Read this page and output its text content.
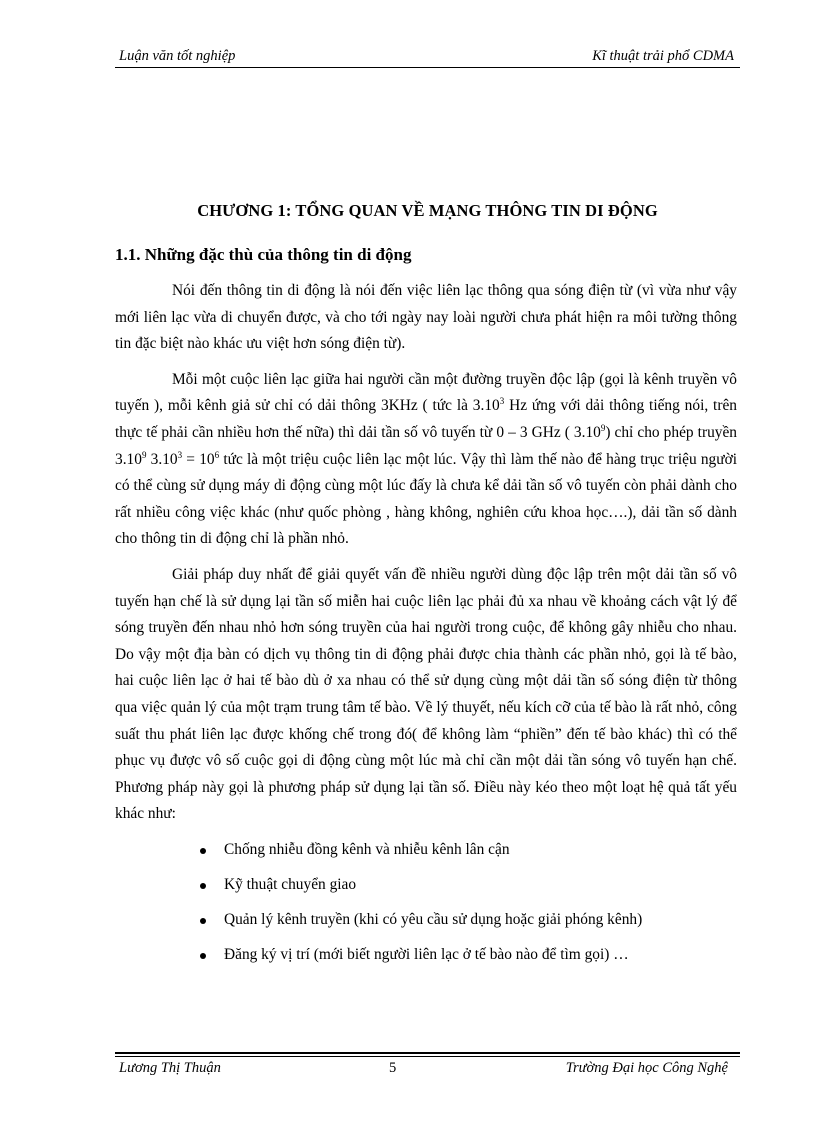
Luận văn tốt nghiệp	Kĩ thuật trải phổ CDMA
CHƯƠNG 1: TỔNG QUAN VỀ MẠNG THÔNG TIN DI ĐỘNG
1.1. Những đặc thù của thông tin di động

Nói đến thông tin di động là nói đến việc liên lạc thông qua sóng điện từ (vì vừa như vậy mới liên lạc vừa di chuyển được, và cho tới ngày nay loài người chưa phát hiện ra môi tường thông tin đặc biệt nào khác ưu việt hơn sóng điện từ).

Mỗi một cuộc liên lạc giữa hai người cần một đường truyền độc lập (gọi là kênh truyền vô tuyến ), mỗi kênh giả sử chỉ có dải thông 3KHz ( tức là 3.10$^3$ Hz ứng với dải thông tiếng nói, trên thực tế phải cần nhiều hơn thế nữa) thì dải tần số vô tuyến từ 0 – 3 GHz ( 3.10$^9$) chỉ cho phép truyền 3.10$^9$ $3.10^3 = 10^6$ tức là một triệu cuộc liên lạc một lúc. Vậy thì làm thế nào để hàng trục triệu người có thể cùng sử dụng máy di động cùng một lúc đấy là chưa kể dải tần số vô tuyến còn phải dành cho rất nhiều công việc khác (như quốc phòng , hàng không, nghiên cứu khoa học….), dải tần số dành cho thông tin di động chỉ là phần nhỏ.

Giải pháp duy nhất để giải quyết vấn đề nhiều người dùng độc lập trên một dải tần số vô tuyến hạn chế là sử dụng lại tần số miễn hai cuộc liên lạc phải đủ xa nhau về khoảng cách vật lý để sóng truyền đến nhau nhỏ hơn sóng truyền của hai người trong cuộc, để không gây nhiễu cho nhau. Do vậy một địa bàn có dịch vụ thông tin di động phải được chia thành các phần nhỏ, gọi là tế bào, hai cuộc liên lạc ở hai tế bào dù ở xa nhau có thể sử dụng cùng một dải tần số sóng điện từ thông qua việc quản lý của một trạm trung tâm tế bào. Về lý thuyết, nếu kích cỡ của tế bào là rất nhỏ, công suất thu phát liên lạc được khống chế trong đó( để không làm “phiền” đến tế bào khác) thì có thể phục vụ được vô số cuộc gọi di động cùng một lúc mà chỉ cần một dải tần sóng vô tuyến hạn chế. Phương pháp này gọi là phương pháp sử dụng lại tần số. Điều này kéo theo một loạt hệ quả tất yếu khác như:

Chống nhiễu đồng kênh và nhiễu kênh lân cận
Kỹ thuật chuyển giao
Quản lý kênh truyền (khi có yêu cầu sử dụng hoặc giải phóng kênh)
Đăng ký vị trí (mới biết người liên lạc ở tế bào nào để tìm gọi) …
Lương Thị Thuận	5	Trường Đại học Công Nghệ
